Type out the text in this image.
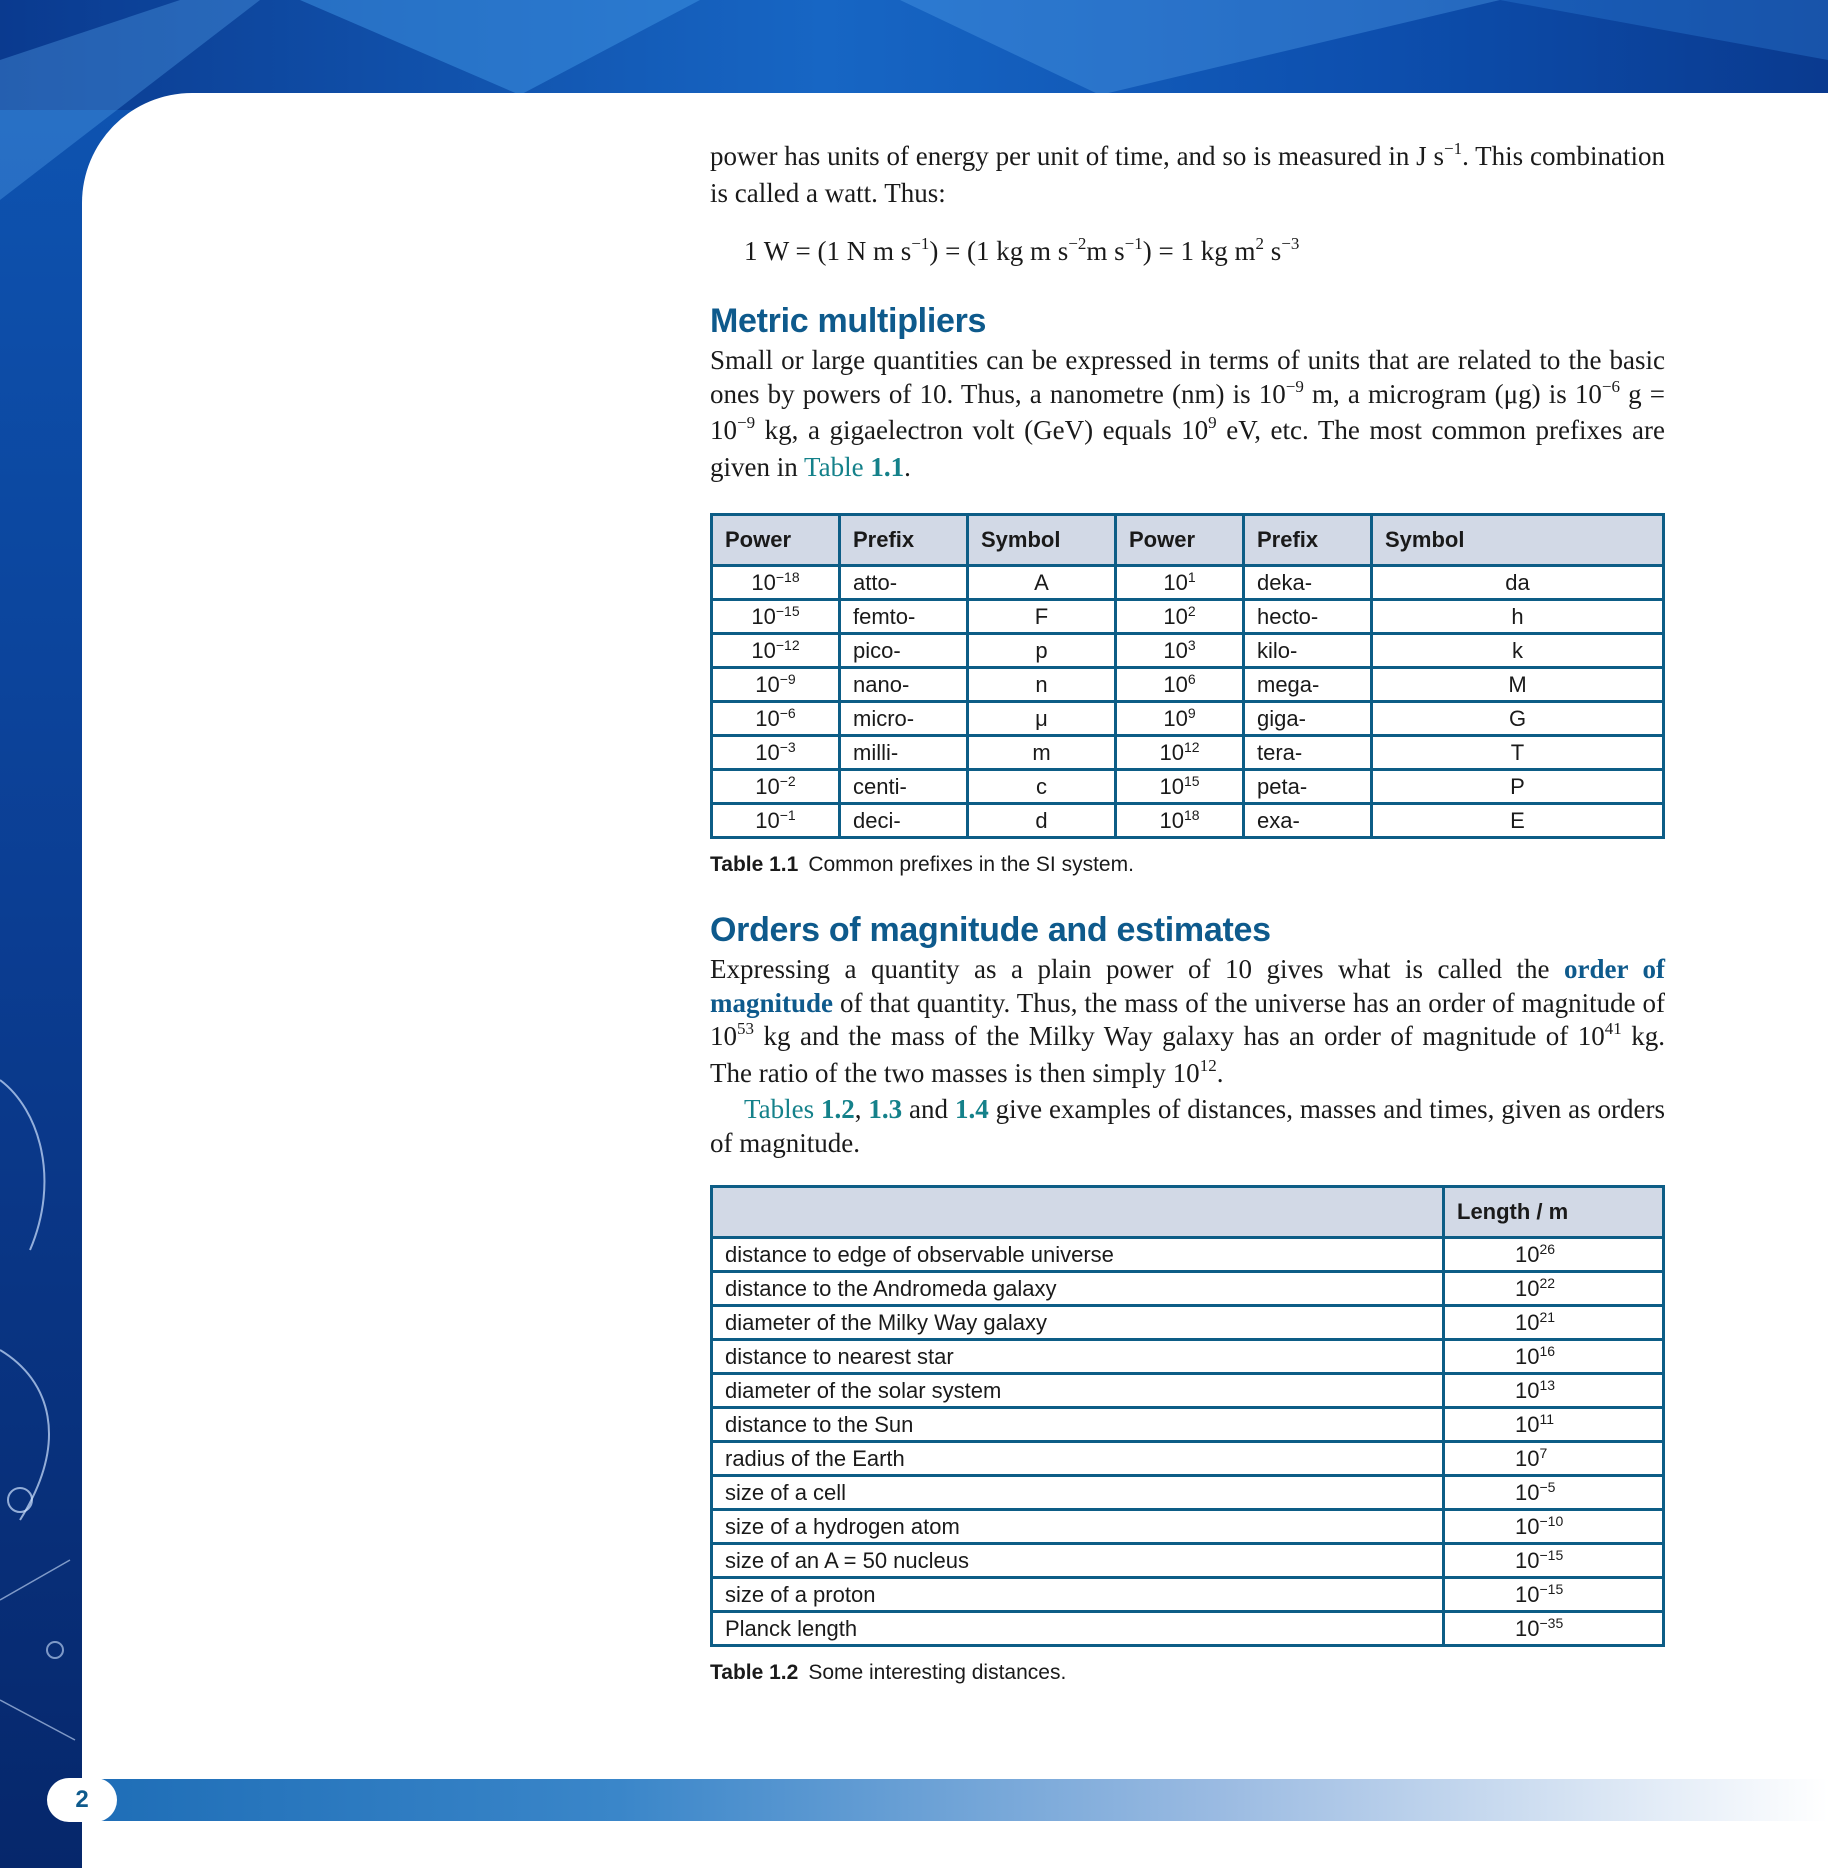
power has units of energy per unit of time, and so is measured in J $s^{-1}$. This combination is called a watt. Thus:

1 W = (1 N m $s^{-1}) = (1$ kg m $s^{-2}m$ $s^{-1}) = 1$ kg $m^2$ $s^{-3}$
Metric multipliers

Small or large quantities can be expressed in terms of units that are related to the basic ones by powers of 10. Thus, a nanometre (nm) is $10^{-9}$ m, a microgram (μg) is $10^{-6}$ $g = 10^{-9}$ kg, a gigaelectron volt (GeV) equals $10^9$ eV, etc. The most common prefixes are given in Table 1.1.

Power	Prefix	Symbol	Power	Prefix	Symbol
$10^{-18}$	atto-	A	$10^1$	deka-	da
$10^{-15}$	femto-	F	$10^2$	hecto-	h
$10^{-12}$	pico-	p	$10^3$	kilo-	k
$10^{-9}$	nano-	n	$10^6$	mega-	M
$10^{-6}$	micro-	μ	$10^9$	giga-	G
$10^{-3}$	milli-	m	$10^{12}$	tera-	T
$10^{-2}$	centi-	c	$10^{15}$	peta-	P
$10^{-1}$	deci-	d	$10^{18}$	exa-	E
Table 1.1 Common prefixes in the SI system.
Orders of magnitude and estimates

Expressing a quantity as a plain power of 10 gives what is called the order of magnitude of that quantity. Thus, the mass of the universe has an order of magnitude of $10^{53}$ kg and the mass of the Milky Way galaxy has an order of magnitude of $10^{41}$ kg. The ratio of the two masses is then simply $10^{12}$.

Tables 1.2, 1.3 and 1.4 give examples of distances, masses and times, given as orders of magnitude.

	Length / m
distance to edge of observable universe	$10^{26}$
distance to the Andromeda galaxy	$10^{22}$
diameter of the Milky Way galaxy	$10^{21}$
distance to nearest star	$10^{16}$
diameter of the solar system	$10^{13}$
distance to the Sun	$10^{11}$
radius of the Earth	$10^7$
size of a cell	$10^{-5}$
size of a hydrogen atom	$10^{-10}$
size of an A = 50 nucleus	$10^{-15}$
size of a proton	$10^{-15}$
Planck length	$10^{-35}$
Table 1.2 Some interesting distances.
2
